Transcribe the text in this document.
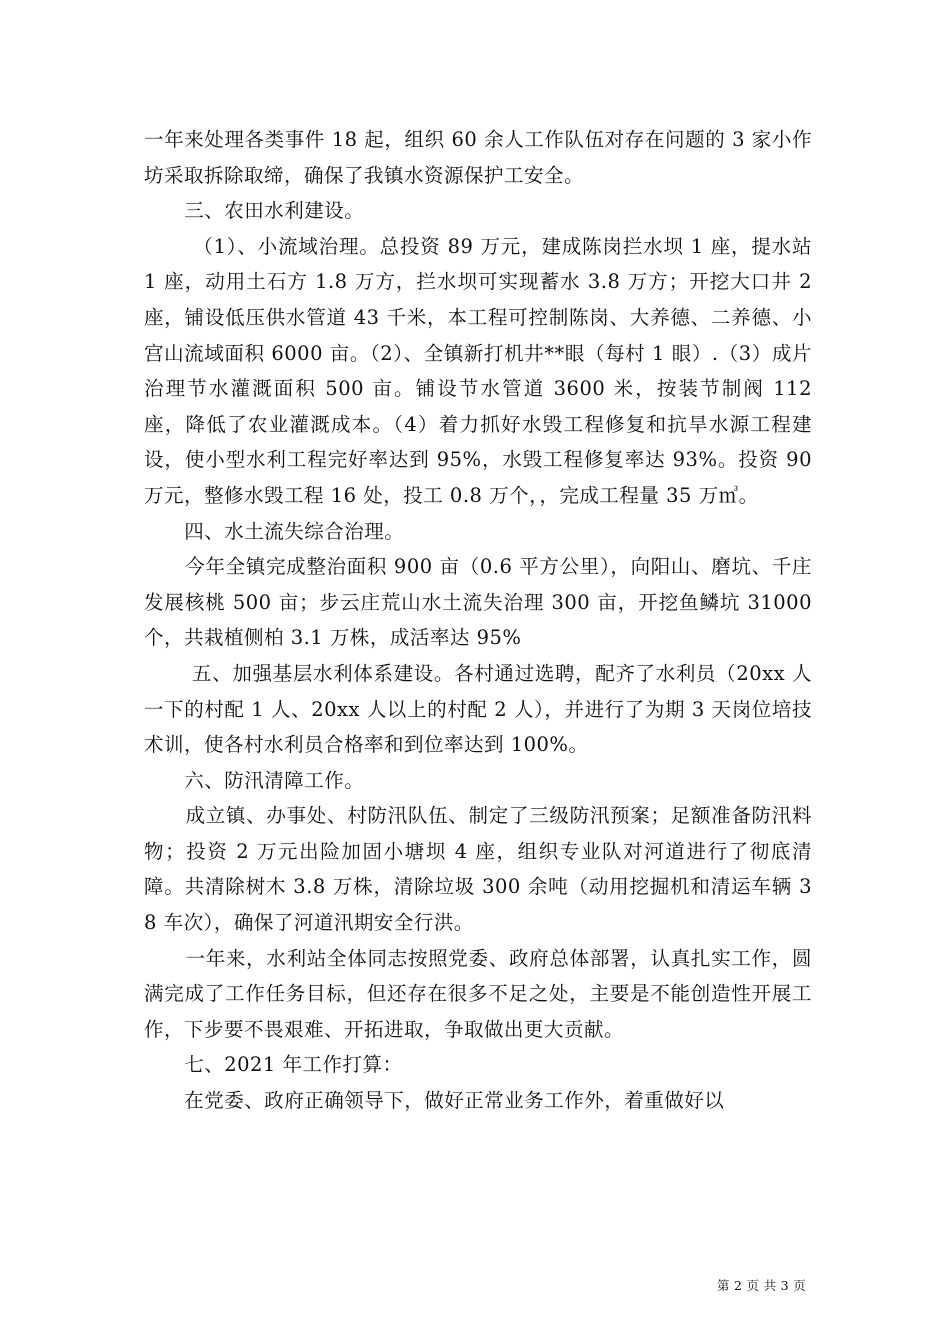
一年来处理各类事件 18 起，组织 60 余人工作队伍对存在问题的 3 家小作坊采取拆除取缔，确保了我镇水资源保护工安全。

三、农田水利建设。

（1）、小流域治理。总投资 89 万元，建成陈岗拦水坝 1 座，提水站 1 座，动用土石方 1.8 万方，拦水坝可实现蓄水 3.8 万方；开挖大口井 2 座，铺设低压供水管道 43 千米，本工程可控制陈岗、大养德、二养德、小宫山流域面积 6000 亩。（2）、全镇新打机井**眼（每村 1 眼）.（3）成片治理节水灌溉面积 500 亩。铺设节水管道 3600 米，按装节制阀 112 座，降低了农业灌溉成本。（4）着力抓好水毁工程修复和抗旱水源工程建设，使小型水利工程完好率达到 95%，水毁工程修复率达 93%。投资 90 万元，整修水毁工程 16 处，投工 0.8 万个，，完成工程量 35 万㎥。

四、水土流失综合治理。

今年全镇完成整治面积 900 亩（0.6 平方公里），向阳山、磨坑、千庄发展核桃 500 亩；步云庄荒山水土流失治理 300 亩，开挖鱼鳞坑 31000 个，共栽植侧柏 3.1 万株，成活率达 95%

五、加强基层水利体系建设。各村通过选聘，配齐了水利员（20xx 人一下的村配 1 人、20xx 人以上的村配 2 人），并进行了为期 3 天岗位培技术训，使各村水利员合格率和到位率达到 100%。

六、防汛清障工作。

成立镇、办事处、村防汛队伍、制定了三级防汛预案；足额准备防汛料物；投资 2 万元出险加固小塘坝 4 座，组织专业队对河道进行了彻底清障。共清除树木 3.8 万株，清除垃圾 300 余吨（动用挖掘机和清运车辆 38 车次），确保了河道汛期安全行洪。

一年来，水利站全体同志按照党委、政府总体部署，认真扎实工作，圆满完成了工作任务目标，但还存在很多不足之处，主要是不能创造性开展工作，下步要不畏艰难、开拓进取，争取做出更大贡献。

七、2021 年工作打算：

在党委、政府正确领导下，做好正常业务工作外，着重做好以

第 2 页 共 3 页
